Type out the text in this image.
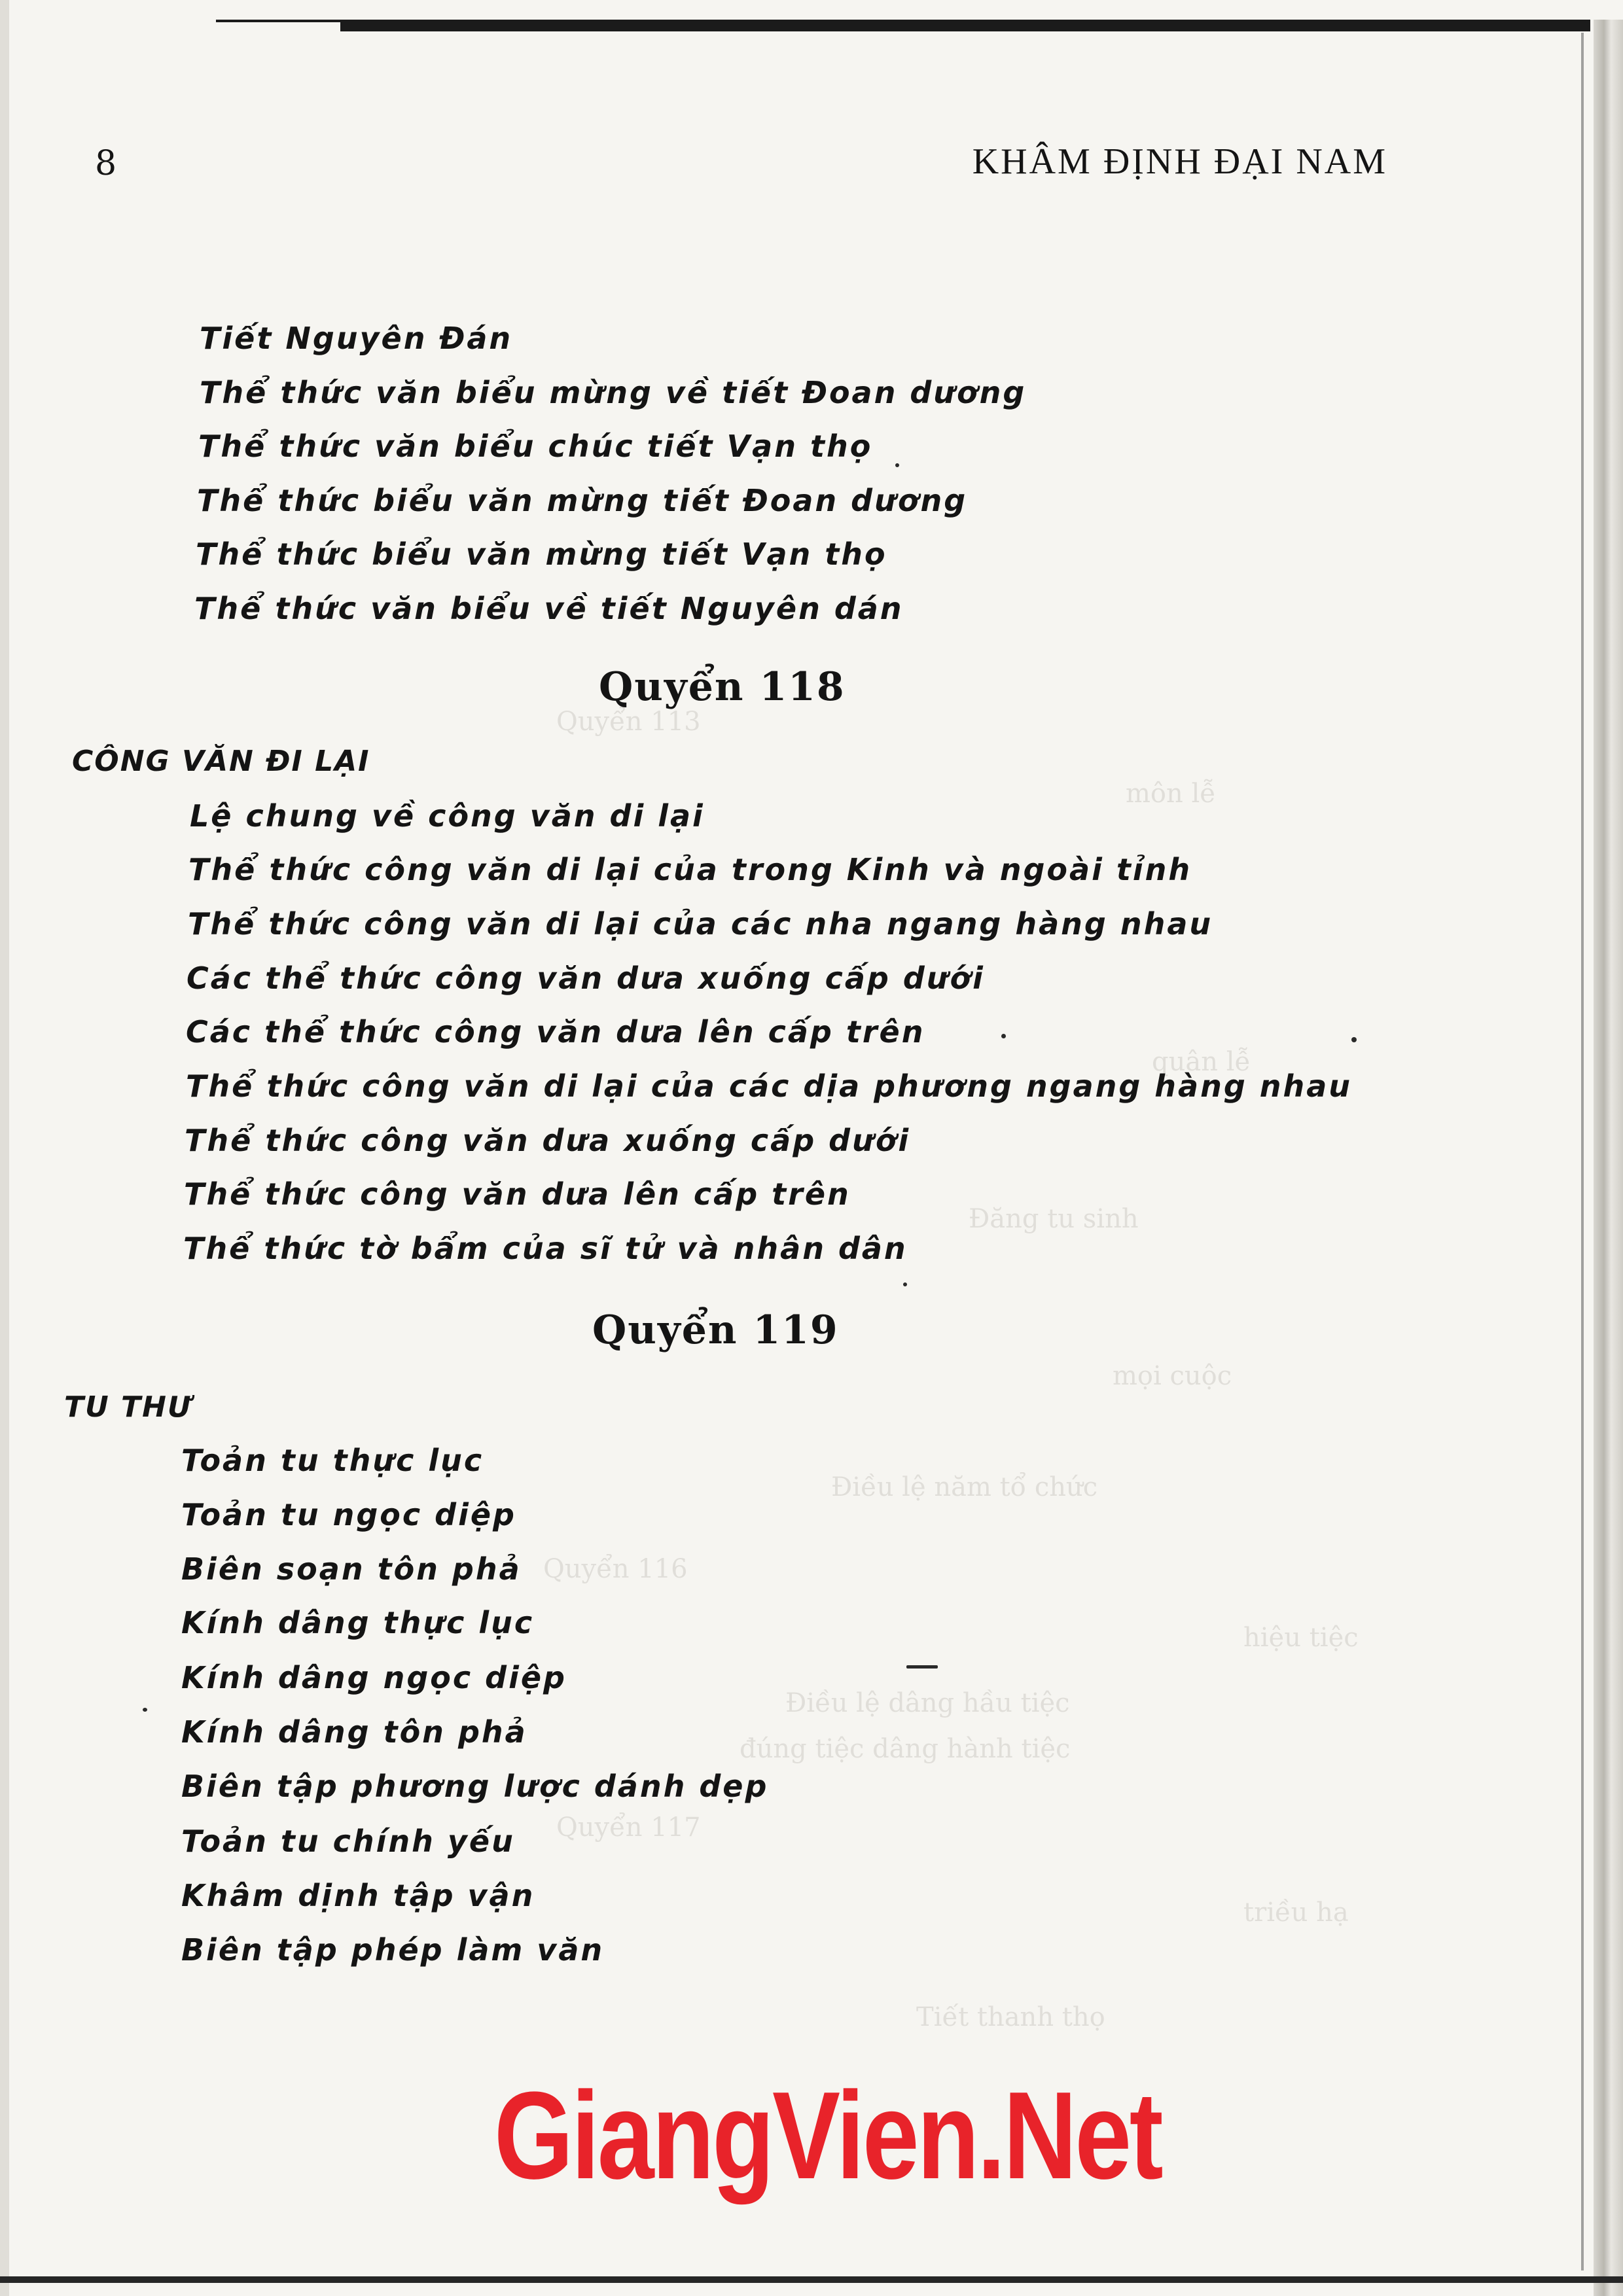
Quyển 113
môn lễ
quân lễ
Đăng tu sinh
mọi cuộc
Điều lệ năm tổ chức
Quyển 116
hiệu tiệc
Điều lệ dâng hầu tiệc
đúng tiệc dâng hành tiệc
Quyển 117
triều hạ
Tiết thanh thọ
8	KHÂM ĐỊNH ĐẠI NAM
Tiết Nguyên Đán
Thể thức văn biểu mừng về tiết Đoan dương
Thể thức văn biểu chúc tiết Vạn thọ
Thể thức biểu văn mừng tiết Đoan dương
Thể thức biểu văn mừng tiết Vạn thọ
Thể thức văn biểu về tiết Nguyên dán
Quyển 118
CÔNG VĂN ĐI LẠI
Lệ chung về công văn di lại
Thể thức công văn di lại của trong Kinh và ngoài tỉnh
Thể thức công văn di lại của các nha ngang hàng nhau
Các thể thức công văn dưa xuống cấp dưới
Các thể thức công văn dưa lên cấp trên
Thể thức công văn di lại của các dịa phương ngang hàng nhau
Thể thức công văn dưa xuống cấp dưới
Thể thức công văn dưa lên cấp trên
Thể thức tờ bẩm của sĩ tử và nhân dân
Quyển 119
TU THƯ
Toản tu thực lục
Toản tu ngọc diệp
Biên soạn tôn phả
Kính dâng thực lục
Kính dâng ngọc diệp
Kính dâng tôn phả
Biên tập phương lược dánh dẹp
Toản tu chính yếu
Khâm dịnh tập vận
Biên tập phép làm văn
GiangVien.Net
